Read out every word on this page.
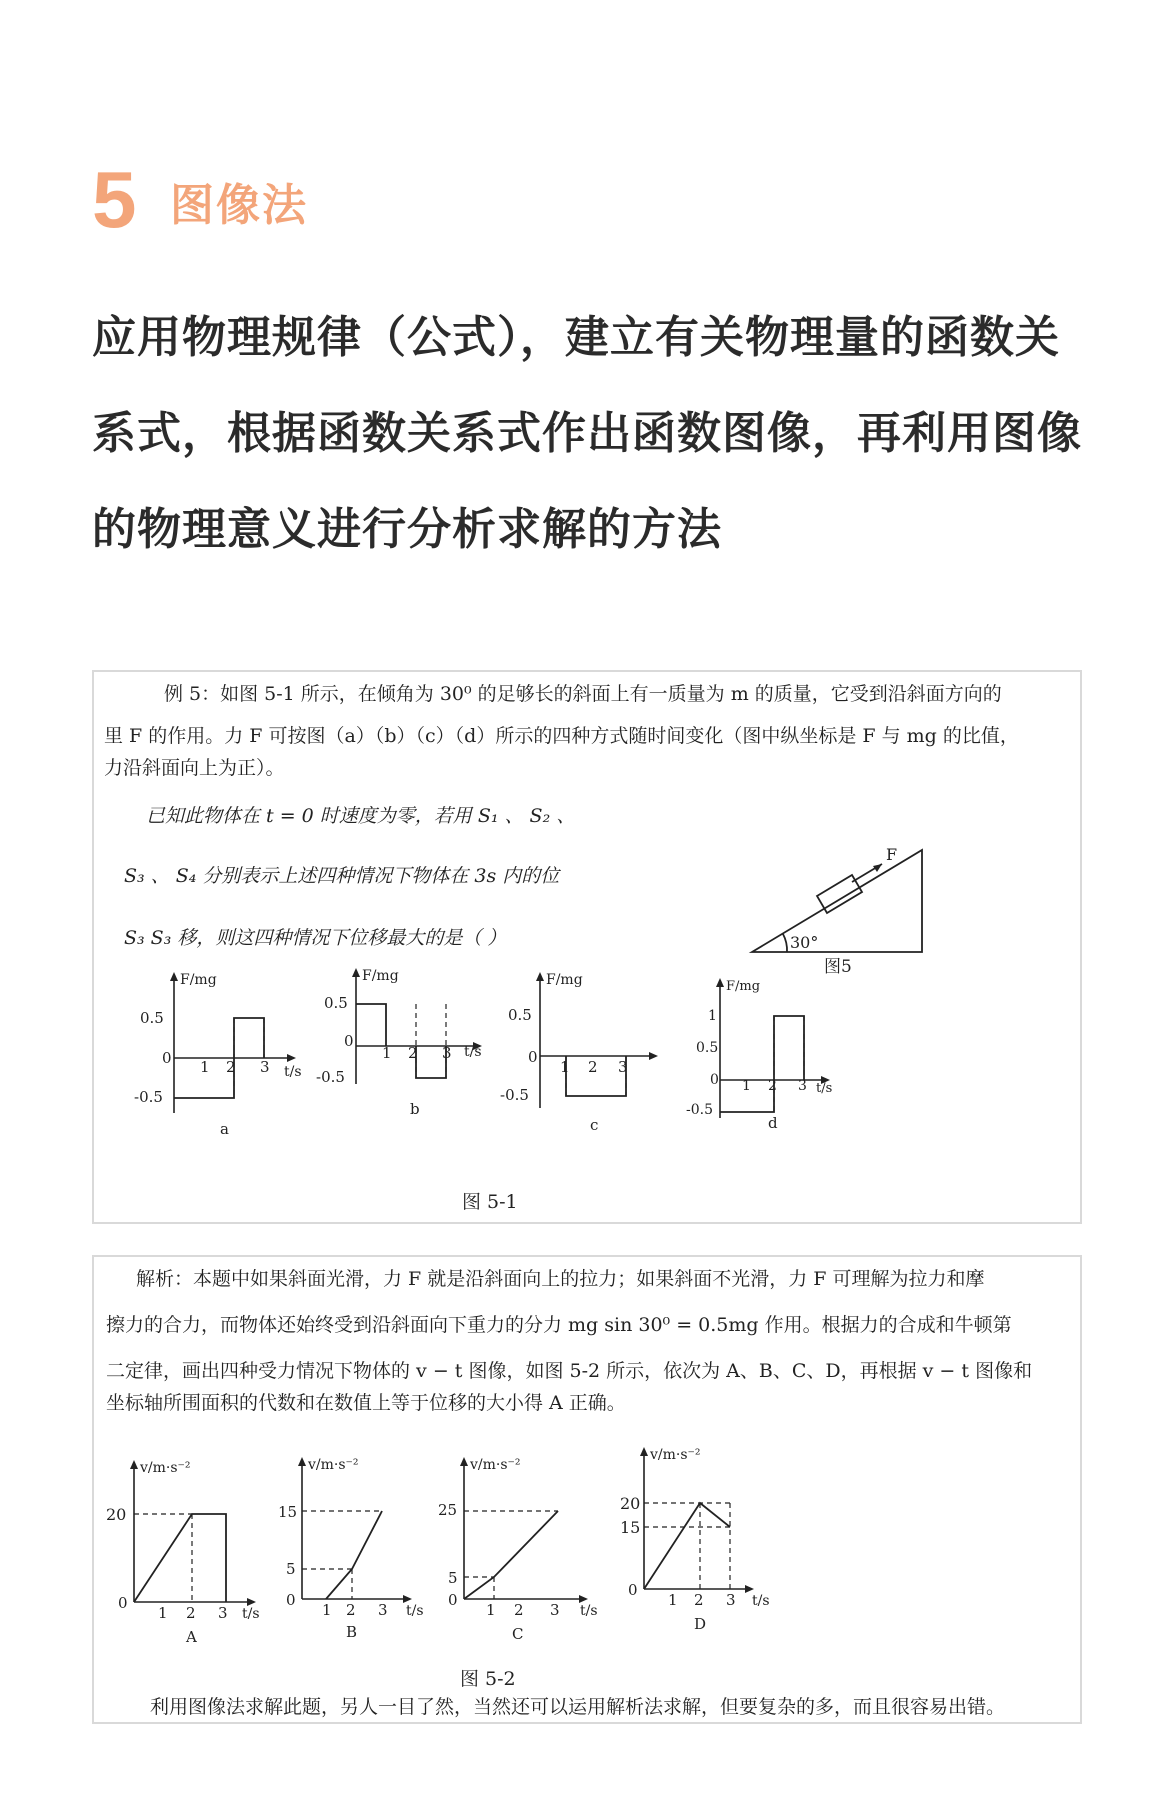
5 图像法

应用物理规律（公式），建立有关物理量的函数关系式，根据函数关系式作出函数图像，再利用图像的物理意义进行分析求解的方法

例 5：如图 5-1 所示，在倾角为 30⁰ 的足够长的斜面上有一质量为 m 的质量，它受到沿斜面方向的
里 F 的作用。力 F 可按图（a）（b）（c）（d）所示的四种方式随时间变化（图中纵坐标是 F 与 mg 的比值，
力沿斜面向上为正）。
已知此物体在 t = 0 时速度为零，若用 S₁ 、 S₂ 、
S₃ 、 S₄ 分别表示上述四种情况下物体在 3s 内的位
S₃ S₃ 移，则这四种情况下位移最大的是（ ）
F
30°
图5
F/mg
t/s
0.5
0
-0.5
1 2 3
a
F/mg
t/s
0.5
0
-0.5
1 2 3
b
F/mg
0.5
0
-0.5
1 2 3
c
F/mg
t/s
1
0.5
0
-0.5
1 2 3
d
图 5-1
解析：本题中如果斜面光滑，力 F 就是沿斜面向上的拉力；如果斜面不光滑，力 F 可理解为拉力和摩
擦力的合力，而物体还始终受到沿斜面向下重力的分力 mg sin 30⁰ = 0.5mg 作用。根据力的合成和牛顿第
二定律，画出四种受力情况下物体的 v − t 图像，如图 5-2 所示，依次为 A、B、C、D，再根据 v − t 图像和
坐标轴所围面积的代数和在数值上等于位移的大小得 A 正确。
v/m·s⁻²
t/s
20
0
1 2 3
A
v/m·s⁻²
t/s
15
5
0
1 2 3
B
v/m·s⁻²
t/s
25
5
0
1 2 3
C
v/m·s⁻²
t/s
20
15
0
1 2 3
D
图 5-2
利用图像法求解此题，另人一目了然，当然还可以运用解析法求解，但要复杂的多，而且很容易出错。
